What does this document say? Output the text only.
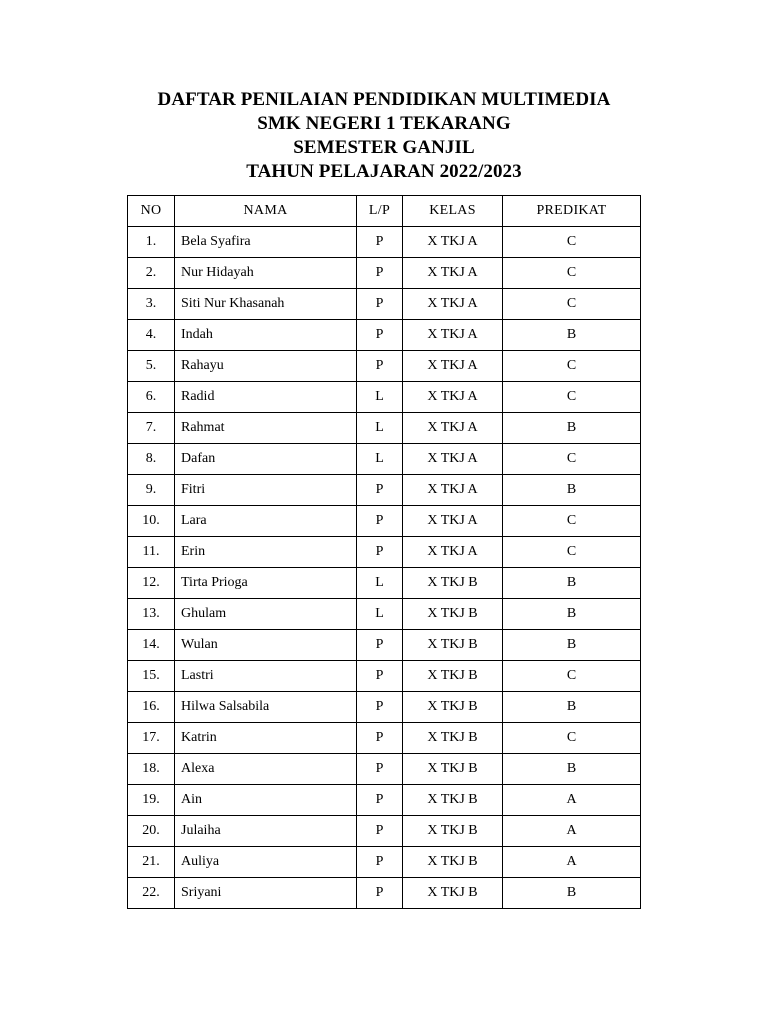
DAFTAR PENILAIAN PENDIDIKAN MULTIMEDIA
SMK NEGERI 1 TEKARANG
SEMESTER GANJIL
TAHUN PELAJARAN 2022/2023
NO	NAMA	L/P	KELAS	PREDIKAT
1.	Bela Syafira	P	X TKJ A	C
2.	Nur Hidayah	P	X TKJ A	C
3.	Siti Nur Khasanah	P	X TKJ A	C
4.	Indah	P	X TKJ A	B
5.	Rahayu	P	X TKJ A	C
6.	Radid	L	X TKJ A	C
7.	Rahmat	L	X TKJ A	B
8.	Dafan	L	X TKJ A	C
9.	Fitri	P	X TKJ A	B
10.	Lara	P	X TKJ A	C
11.	Erin	P	X TKJ A	C
12.	Tirta Prioga	L	X TKJ B	B
13.	Ghulam	L	X TKJ B	B
14.	Wulan	P	X TKJ B	B
15.	Lastri	P	X TKJ B	C
16.	Hilwa Salsabila	P	X TKJ B	B
17.	Katrin	P	X TKJ B	C
18.	Alexa	P	X TKJ B	B
19.	Ain	P	X TKJ B	A
20.	Julaiha	P	X TKJ B	A
21.	Auliya	P	X TKJ B	A
22.	Sriyani	P	X TKJ B	B
